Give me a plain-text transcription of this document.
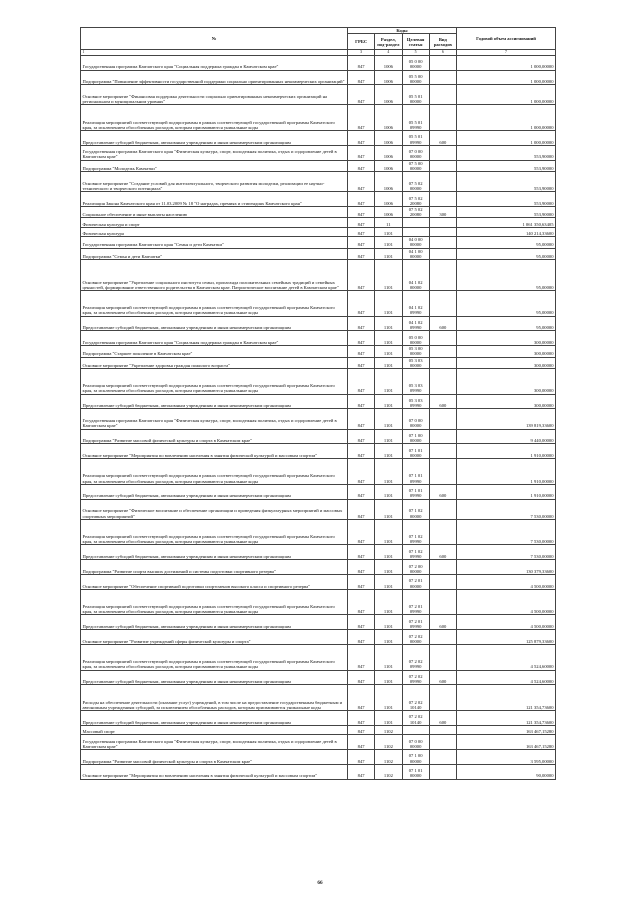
№	Коды				Годовой объем ассигнований
	ГРБС	Раздел, под-раздел	Целевая статья	Вид расходов	
1	3	4	5	6	7
Государственная программа Камчатского края "Социальная поддержка граждан в Камчатском крае"	847	1006	05 0 00 00000		1 000,00000
Подпрограмма "Повышение эффективности государственной поддержки социально ориентированных некоммерческих организаций"	847	1006	05 5 00 00000		1 000,00000
Основное мероприятие "Финансовая поддержка деятельности социально ориентированных некоммерческих организаций на региональном и муниципальном уровнях"	847	1006	05 5 01 00000		1 000,00000
Реализация мероприятий соответствующей подпрограммы в рамках соответствующей государственной программы Камчатского края, за исключением обособленных расходов, которым присваиваются уникальные коды	847	1006	05 5 01 09990		1 000,00000
Предоставление субсидий бюджетным, автономным учреждениям и иным некоммерческим организациям	847	1006	05 5 01 09990	600	1 000,00000
Государственная программа Камчатского края "Физическая культура, спорт, молодежная политика, отдых и оздоровление детей в Камчатском крае"	847	1006	07 0 00 00000		553,90000
Подпрограмма "Молодежь Камчатки"	847	1006	07 5 00 00000		553,90000
Основное мероприятие "Создание условий для интеллектуального, творческого развития молодежи, реализации ее научно-технического и творческого потенциала"	847	1006	07 5 02 00000		553,90000
Реализация Закона Камчатского края от 11.03.2009 № 18 "О наградах, премиях и стипендиях Камчатского края"	847	1006	07 5 02 20080		553,90000
Социальное обеспечение и иные выплаты населению	847	1006	07 5 02 20080	300	553,90000
Физическая культура и спорт	847	11			1 061 350,63405
Физическая культура	847	1101			140 214,33600
Государственная программа Камчатского края "Семья и дети Камчатки"	847	1101	04 0 00 00000		95,00000
Подпрограмма "Семья и дети Камчатки"	847	1101	04 1 00 00000		95,00000
Основное мероприятие "Укрепление социального института семьи, пропаганда положительных семейных традиций и семейных ценностей, формирование ответственного родительства в Камчатском крае. Патриотическое воспитание детей в Камчатском крае"	847	1101	04 1 02 00000		95,00000
Реализация мероприятий соответствующей подпрограммы в рамках соответствующей государственной программы Камчатского края, за исключением обособленных расходов, которым присваиваются уникальные коды	847	1101	04 1 02 09990		95,00000
Предоставление субсидий бюджетным, автономным учреждениям и иным некоммерческим организациям	847	1101	04 1 02 09990	600	95,00000
Государственная программа Камчатского края "Социальная поддержка граждан в Камчатском крае"	847	1101	05 0 00 00000		300,00000
Подпрограмма "Старшее поколение в Камчатском крае"	847	1101	05 3 00 00000		300,00000
Основное мероприятие "Укрепление здоровья граждан пожилого возраста"	847	1101	05 3 03 00000		300,00000
Реализация мероприятий соответствующей подпрограммы в рамках соответствующей государственной программы Камчатского края, за исключением обособленных расходов, которым присваиваются уникальные коды	847	1101	05 3 03 09990		300,00000
Предоставление субсидий бюджетным, автономным учреждениям и иным некоммерческим организациям	847	1101	05 3 03 09990	600	300,00000
Государственная программа Камчатского края "Физическая культура, спорт, молодежная политика, отдых и оздоровление детей в Камчатском крае"	847	1101	07 0 00 00000		139 819,33600
Подпрограмма "Развитие массовой физической культуры и спорта в Камчатском крае"	847	1101	07 1 00 00000		9 440,00000
Основное мероприятие "Мероприятия по вовлечению населения в занятия физической культурой и массовым спортом"	847	1101	07 1 01 00000		1 910,00000
Реализация мероприятий соответствующей подпрограммы в рамках соответствующей государственной программы Камчатского края, за исключением обособленных расходов, которым присваиваются уникальные коды	847	1101	07 1 01 09990		1 910,00000
Предоставление субсидий бюджетным, автономным учреждениям и иным некоммерческим организациям	847	1101	07 1 01 09990	600	1 910,00000
Основное мероприятие "Физическое воспитание и обеспечение организации и проведения физкультурных мероприятий и массовых спортивных мероприятий"	847	1101	07 1 02 00000		7 530,00000
Реализация мероприятий соответствующей подпрограммы в рамках соответствующей государственной программы Камчатского края, за исключением обособленных расходов, которым присваиваются уникальные коды	847	1101	07 1 02 09990		7 530,00000
Предоставление субсидий бюджетным, автономным учреждениям и иным некоммерческим организациям	847	1101	07 1 02 09990	600	7 530,00000
Подпрограмма "Развитие спорта высших достижений и системы подготовки спортивного резерва"	847	1101	07 2 00 00000		130 379,33600
Основное мероприятие "Обеспечение спортивной подготовки спортсменов высокого класса и спортивного резерва"	847	1101	07 2 01 00000		4 500,00000
Реализация мероприятий соответствующей подпрограммы в рамках соответствующей государственной программы Камчатского края, за исключением обособленных расходов, которым присваиваются уникальные коды	847	1101	07 2 01 09990		4 500,00000
Предоставление субсидий бюджетным, автономным учреждениям и иным некоммерческим организациям	847	1101	07 2 01 09990	600	4 500,00000
Основное мероприятие "Развитие учреждений сферы физической культуры и спорта"	847	1101	07 2 02 00000		125 879,33600
Реализация мероприятий соответствующей подпрограммы в рамках соответствующей государственной программы Камчатского края, за исключением обособленных расходов, которым присваиваются уникальные коды	847	1101	07 2 02 09990		4 524,60000
Предоставление субсидий бюджетным, автономным учреждениям и иным некоммерческим организациям	847	1101	07 2 02 09990	600	4 524,60000
Расходы на обеспечение деятельности (оказание услуг) учреждений, в том числе на предоставление государственным бюджетным и автономным учреждениям субсидий, за исключением обособленных расходов, которым присваиваются уникальные коды	847	1101	07 2 02 10140		121 354,73600
Предоставление субсидий бюджетным, автономным учреждениям и иным некоммерческим организациям	847	1101	07 2 02 10140	600	121 354,73600
Массовый спорт	847	1102			163 467,15280
Государственная программа Камчатского края "Физическая культура, спорт, молодежная политика, отдых и оздоровление детей в Камчатском крае"	847	1102	07 0 00 00000		163 467,15280
Подпрограмма "Развитие массовой физической культуры и спорта в Камчатском крае"	847	1102	07 1 00 00000		3 595,00000
Основное мероприятие "Мероприятия по вовлечению населения в занятия физической культурой и массовым спортом"	847	1102	07 1 01 00000		90,00000
66
